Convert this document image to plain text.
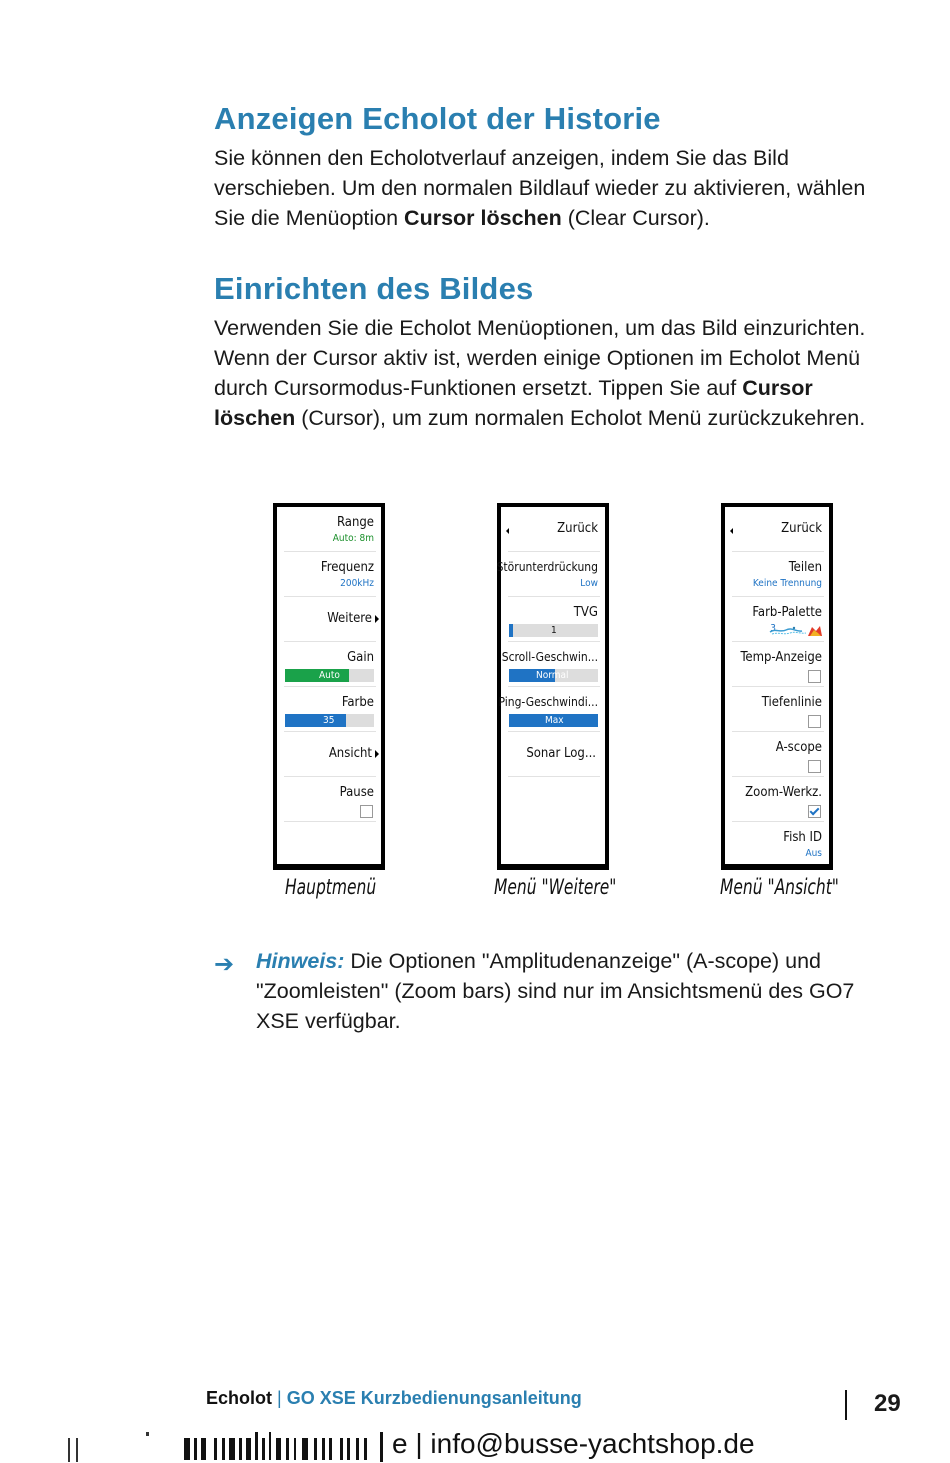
Anzeigen Echolot der Historie

Sie können den Echolotverlauf anzeigen, indem Sie das Bild verschieben. Um den normalen Bildlauf wieder zu aktivieren, wählen Sie die Menüoption Cursor löschen (Clear Cursor).

Einrichten des Bildes

Verwenden Sie die Echolot Menüoptionen, um das Bild einzurichten. Wenn der Cursor aktiv ist, werden einige Optionen im Echolot Menü durch Cursormodus-Funktionen ersetzt. Tippen Sie auf Cursor löschen (Cursor), um zum normalen Echolot Menü zurückzukehren.

Range
Auto: 8m
Frequenz
200kHz
Weitere
Gain
Auto
Farbe
35
Ansicht
Pause
Hauptmenü
Zurück
Störunterdrückung
Low
TVG
1
Scroll-Geschwin...
Normal
Ping-Geschwindi...
Max
Sonar Log...
Menü "Weitere"
Zurück
Teilen
Keine Trennung
Farb-Palette
3
Temp-Anzeige
Tiefenlinie
A-scope
Zoom-Werkz.
Fish ID
Aus
Menü "Ansicht"
➔ Hinweis: Die Optionen "Amplitudenanzeige" (A-scope) und "Zoomleisten" (Zoom bars) sind nur im Ansichtsmenü des GO7 XSE verfügbar.

Echolot | GO XSE Kurzbedienungsanleitung	29
e | info@busse-yachtshop.de
